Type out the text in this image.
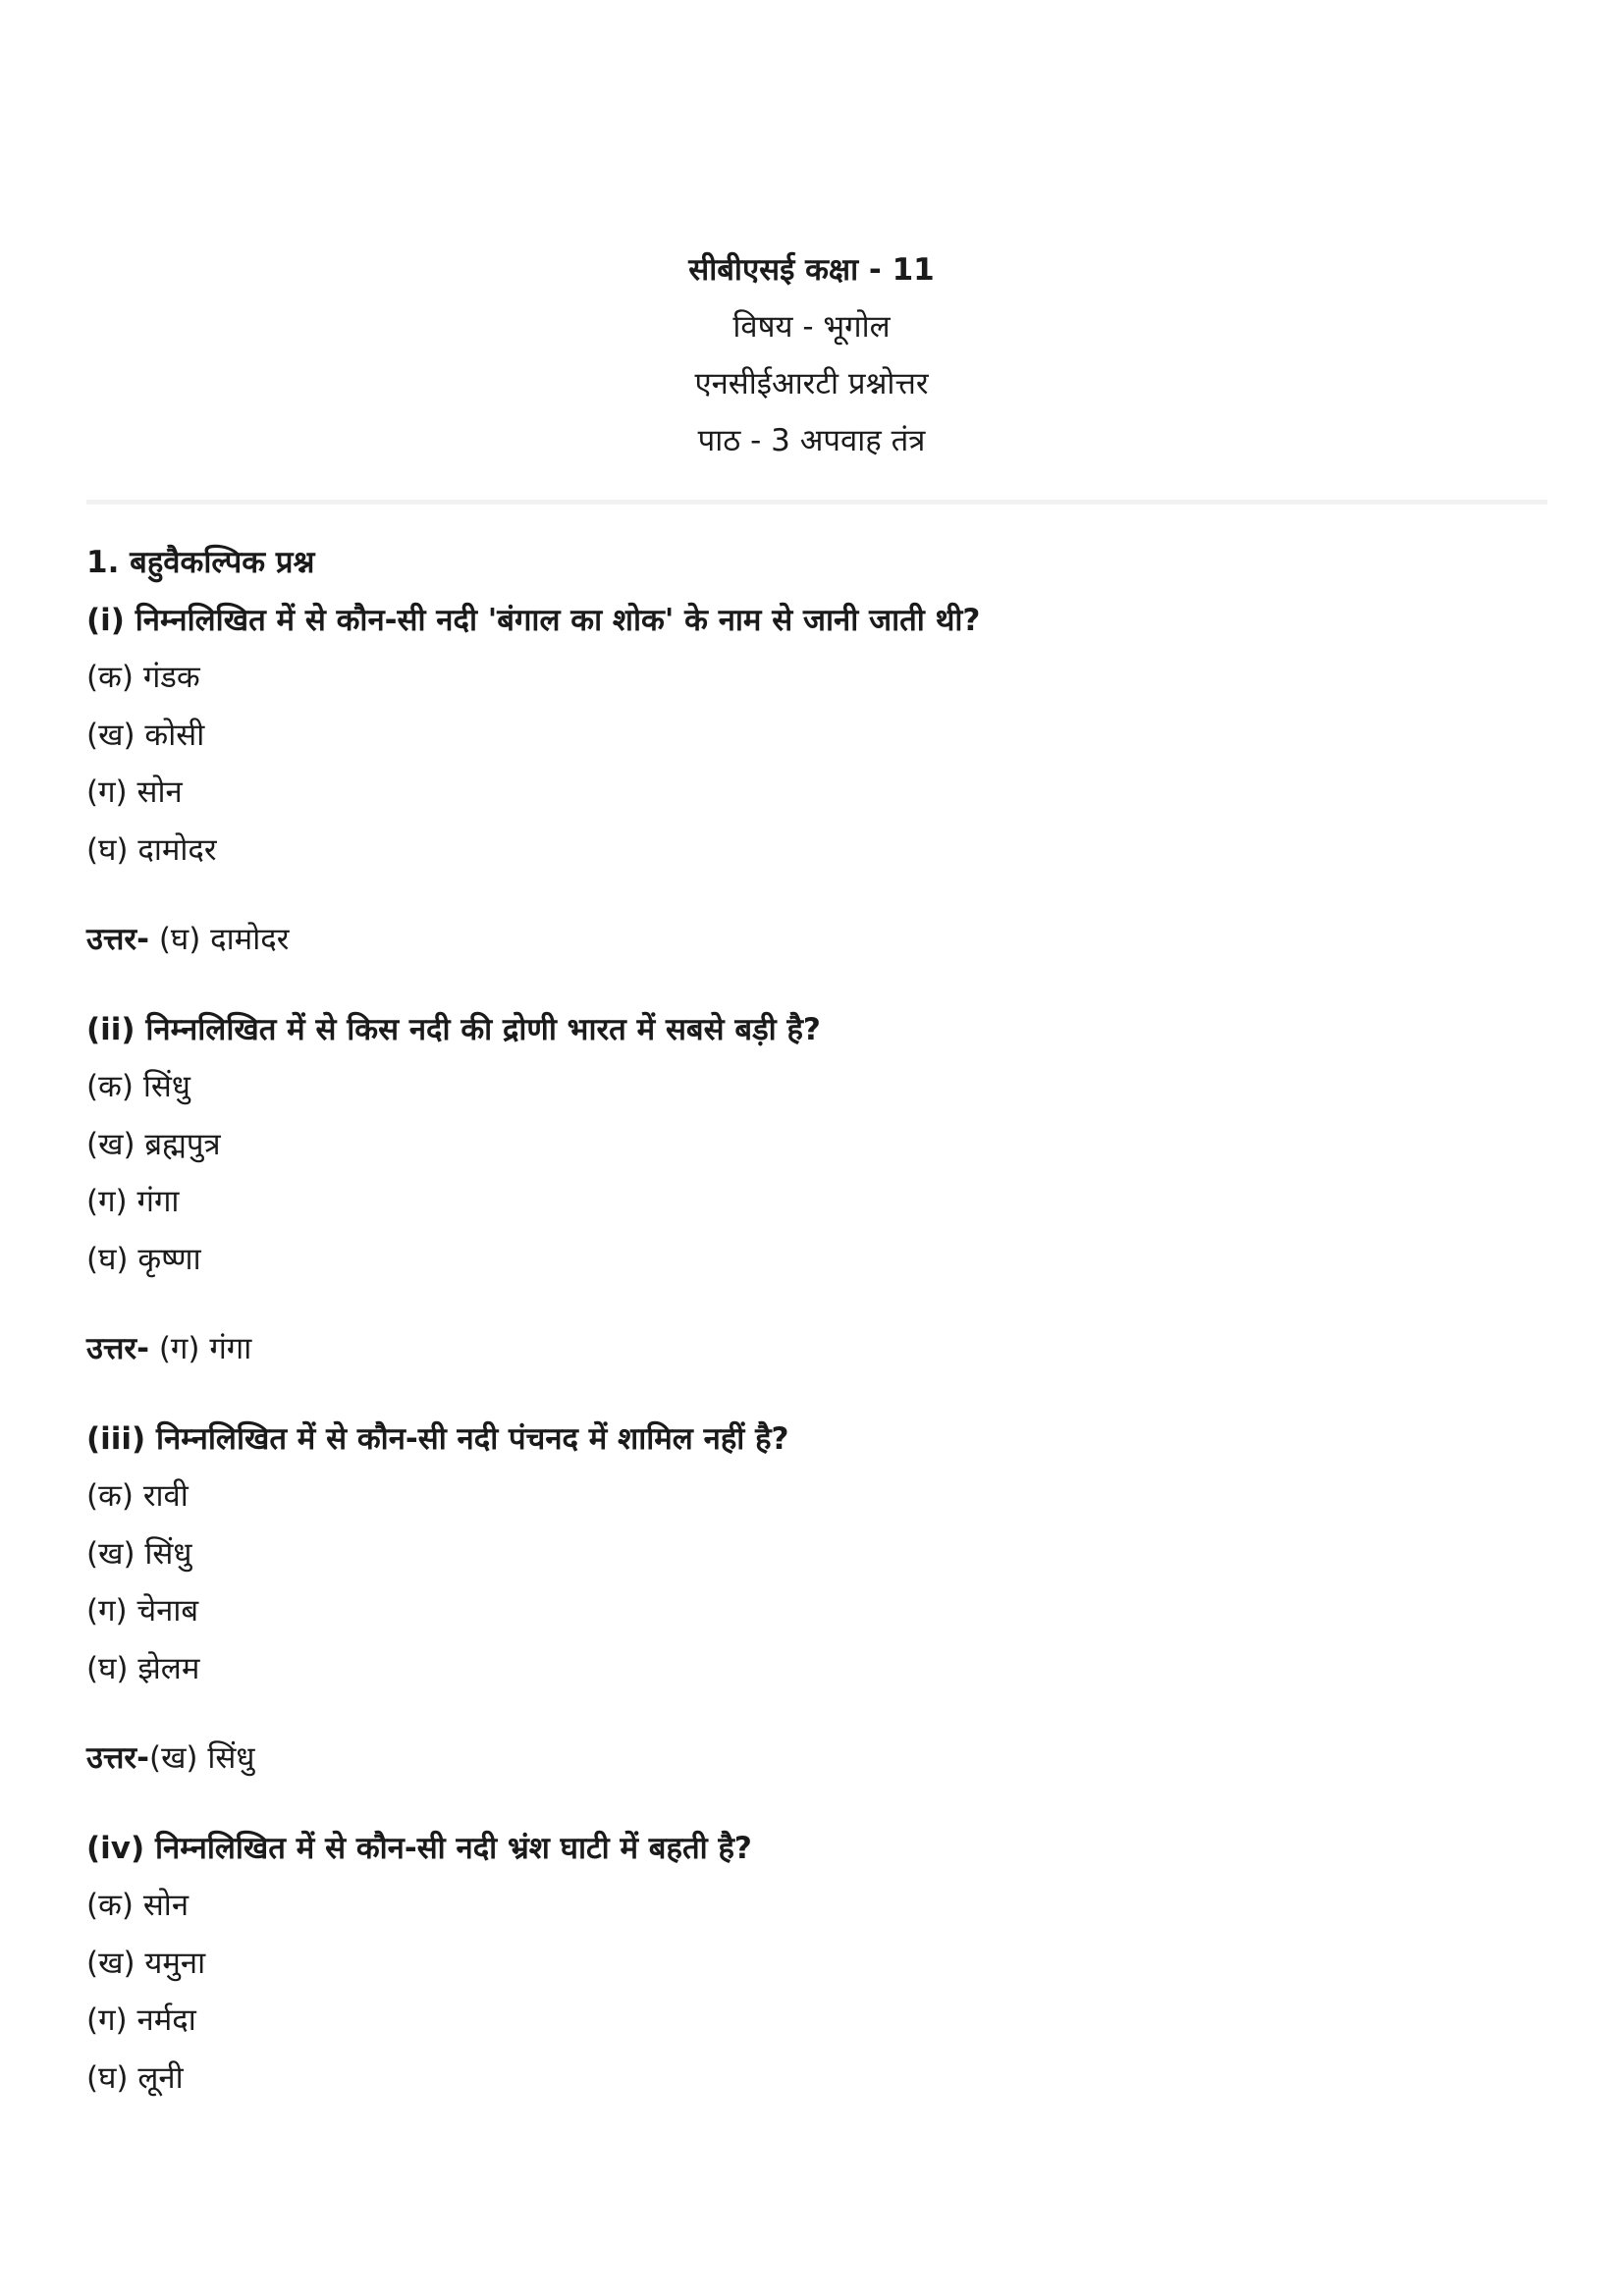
सीबीएसई कक्षा - 11
विषय - भूगोल
एनसीईआरटी प्रश्नोत्तर
पाठ - 3 अपवाह तंत्र
1. बहुवैकल्पिक प्रश्न
(i) निम्नलिखित में से कौन-सी नदी 'बंगाल का शोक' के नाम से जानी जाती थी?
(क) गंडक
(ख) कोसी
(ग) सोन
(घ) दामोदर
उत्तर- (घ) दामोदर
(ii) निम्नलिखित में से किस नदी की द्रोणी भारत में सबसे बड़ी है?
(क) सिंधु
(ख) ब्रह्मपुत्र
(ग) गंगा
(घ) कृष्णा
उत्तर- (ग) गंगा
(iii) निम्नलिखित में से कौन-सी नदी पंचनद में शामिल नहीं है?
(क) रावी
(ख) सिंधु
(ग) चेनाब
(घ) झेलम
उत्तर-(ख) सिंधु
(iv) निम्नलिखित में से कौन-सी नदी भ्रंश घाटी में बहती है?
(क) सोन
(ख) यमुना
(ग) नर्मदा
(घ) लूनी
